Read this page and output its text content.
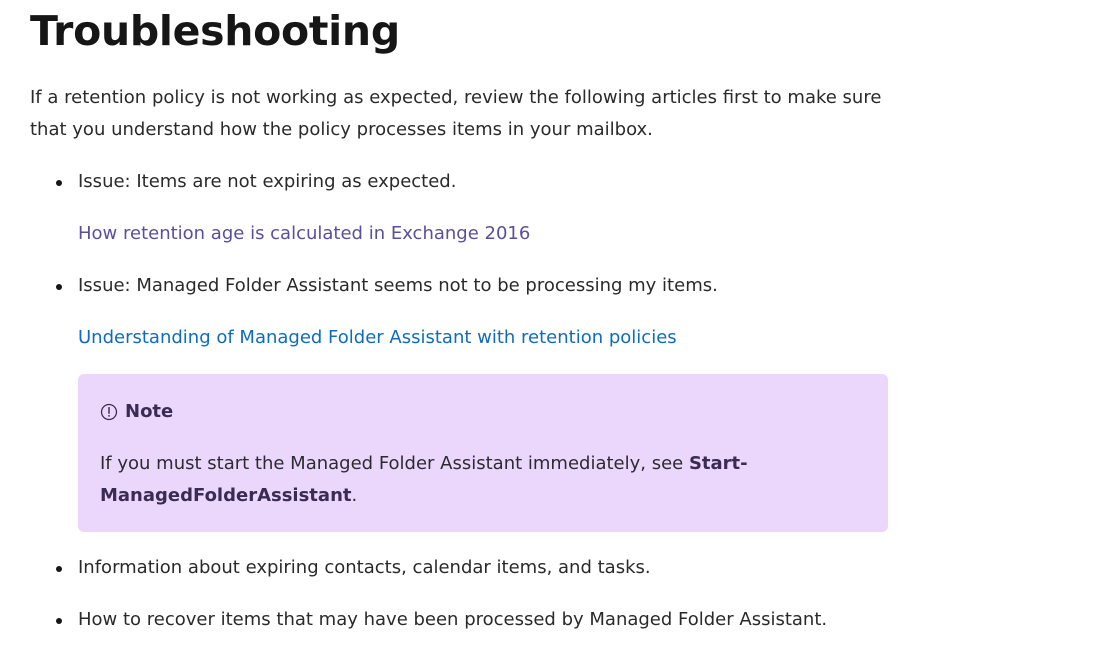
Troubleshooting

If a retention policy is not working as expected, review the following articles first to make sure that you understand how the policy processes items in your mailbox.

Issue: Items are not expiring as expected.
How retention age is calculated in Exchange 2016
Issue: Managed Folder Assistant seems not to be processing my items.
Understanding of Managed Folder Assistant with retention policies
Note
If you must start the Managed Folder Assistant immediately, see Start-ManagedFolderAssistant.
Information about expiring contacts, calendar items, and tasks.
How to recover items that may have been processed by Managed Folder Assistant.
